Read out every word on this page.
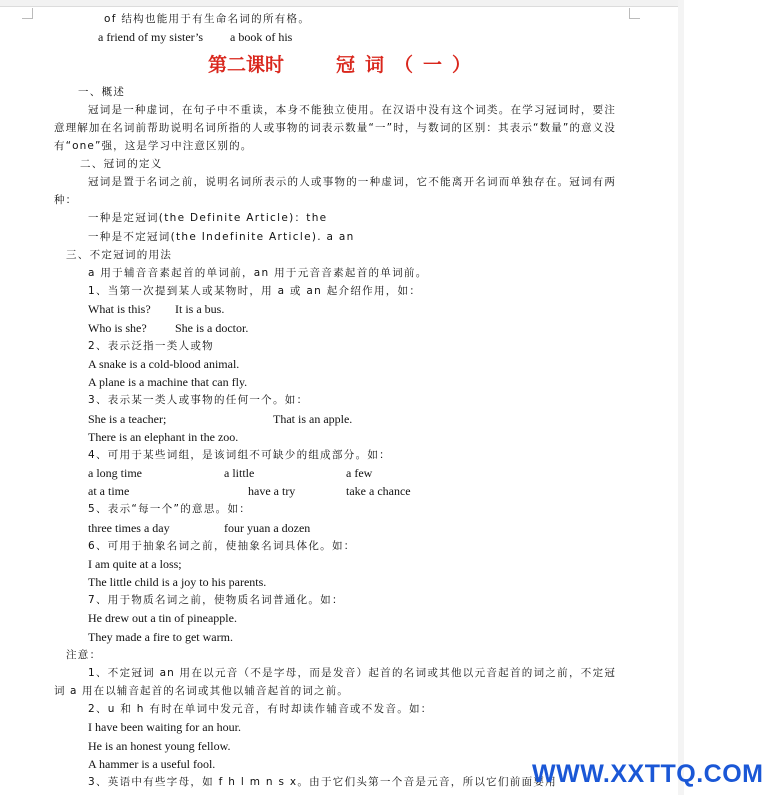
of 结构也能用于有生命名词的所有格。
a friend of my sister’s a book of his
第二课时	冠词（一）
一、概述
冠词是一种虚词，在句子中不重读，本身不能独立使用。在汉语中没有这个词类。在学习冠词时，要注意理解加在名词前帮助说明名词所指的人或事物的词表示数量“一”时，与数词的区别：其表示“数量”的意义没有“one”强，这是学习中注意区别的。
二、冠词的定义
冠词是置于名词之前，说明名词所表示的人或事物的一种虚词，它不能离开名词而单独存在。冠词有两种：
一种是定冠词(the Definite Article)：the
一种是不定冠词(the Indefinite Article). a an
三、不定冠词的用法
a 用于辅音音素起首的单词前，an 用于元音音素起首的单词前。
1、当第一次提到某人或某物时，用 a 或 an 起介绍作用，如：
What is this? It is a bus.
Who is she? She is a doctor.
2、表示泛指一类人或物
A snake is a cold-blood animal.
A plane is a machine that can fly.
3、表示某一类人或事物的任何一个。如：
She is a teacher;	That is an apple.
There is an elephant in the zoo.
4、可用于某些词组，是该词组不可缺少的组成部分。如：
a long time	a little	a few
at a time	have a try	take a chance
5、表示“每一个”的意思。如：
three times a day	four yuan a dozen
6、可用于抽象名词之前，使抽象名词具体化。如：
I am quite at a loss;
The little child is a joy to his parents.
7、用于物质名词之前，使物质名词普通化。如：
He drew out a tin of pineapple.
They made a fire to get warm.
注意：
1、不定冠词 an 用在以元音（不是字母，而是发音）起首的名词或其他以元音起首的词之前，不定冠词 a 用在以辅音起首的名词或其他以辅音起首的词之前。
2、u 和 h 有时在单词中发元音，有时却读作辅音或不发音。如：
I have been waiting for an hour.
He is an honest young fellow.
A hammer is a useful fool.
3、英语中有些字母，如 f h l m n s x。由于它们头第一个音是元音，所以它们前面要用
WWW.XXTTQ.COM
